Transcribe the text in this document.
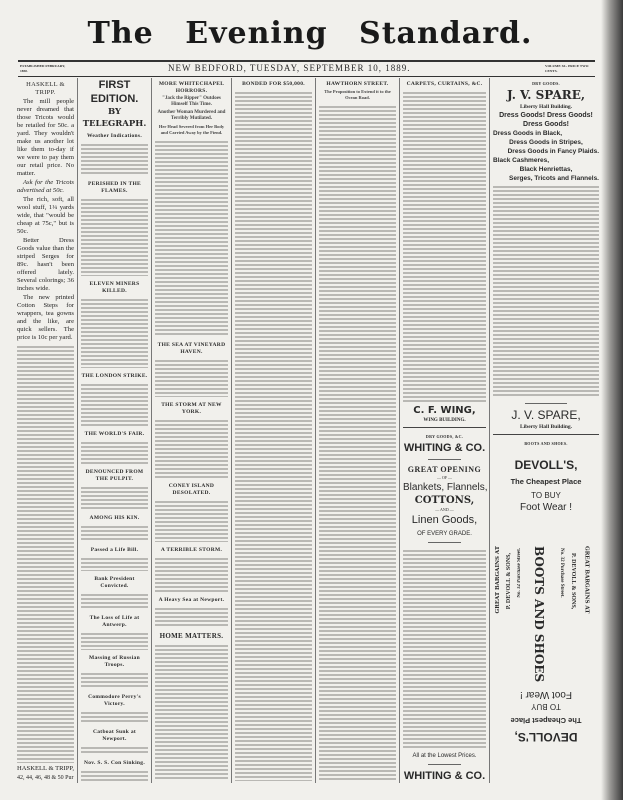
The Evening Standard.
ESTABLISHED FEBRUARY, 1850.	NEW BEDFORD, TUESDAY, SEPTEMBER 10, 1889.	VOLUME XL. PRICE TWO CENTS.
HASKELL & TRIPP.

The mill people never dreamed that those Tricots would be retailed for 50c. a yard. They wouldn't make us another lot like them to-day if we were to pay them our retail price. No matter.

Ask for the Tricots advertised at 50c.

The rich, soft, all wool stuff, 1¼ yards wide, that "would be cheap at 75c," but is 50c.

Better Dress Goods value than the striped Serges for 89c. hasn't been offered lately. Several colorings; 36 inches wide.

The new printed Cotton Steps for wrappers, tea gowns and the like, are quick sellers. The price is 10c per yard.

HASKELL & TRIPP,
42, 44, 46, 48 & 50 Pur
FIRST EDITION.
BY TELEGRAPH.
Weather Indications.
PERISHED IN THE FLAMES.
ELEVEN MINERS KILLED.
THE LONDON STRIKE.
THE WORLD'S FAIR.
DENOUNCED FROM THE PULPIT.
AMONG HIS KIN.
Passed a Life Bill.
Bank President Convicted.
The Loss of Life at Antwerp.
Massing of Russian Troops.
Commodore Perry's Victory.
Catboat Sunk at Newport.
Nov. S. S. Con Sinking.
MORE WHITECHAPEL HORRORS.
"Jack the Ripper" Outdoes Himself This Time.
Another Woman Murdered and Terribly Mutilated.
Her Head Severed from Her Body and Carried Away by the Fiend.
THE SEA AT VINEYARD HAVEN.
THE STORM AT NEW YORK.
CONEY ISLAND DESOLATED.
A TERRIBLE STORM.
A Heavy Sea at Newport.
HOME MATTERS.
BONDED FOR $50,000.	HAWTHORN STREET.
The Proposition to Extend it to the Ocean Road.
CARPETS, CURTAINS, &C.
C. F. WING,
WING BUILDING.
DRY GOODS, &C.
WHITING & CO.
GREAT OPENING
— OF —
Blankets, Flannels,
COTTONS,
— AND —
Linen Goods,
OF EVERY GRADE.
All at the Lowest Prices.
WHITING & CO.
DRY GOODS.
J. V. SPARE,
Liberty Hall Building.
Dress Goods! Dress Goods!
Dress Goods!
Dress Goods in Black,
Dress Goods in Stripes,
Dress Goods in Fancy Plaids.
Black Cashmeres,
Black Henriettas,
Serges, Tricots and Flannels.
J. V. SPARE,
Liberty Hall Building.
BOOTS AND SHOES.
DEVOLL'S,
The Cheapest Place
TO BUY
Foot Wear !
GREAT BARGAINS AT P. DEVOLL & SONS, No. 32 Purchase Street. BOOTS AND SHOES	No. 32 Purchase Street. P. DEVOLL & SONS, GREAT BARGAINS AT
DEVOLL'S,
The Cheapest Place
TO BUY
Foot Wear !
